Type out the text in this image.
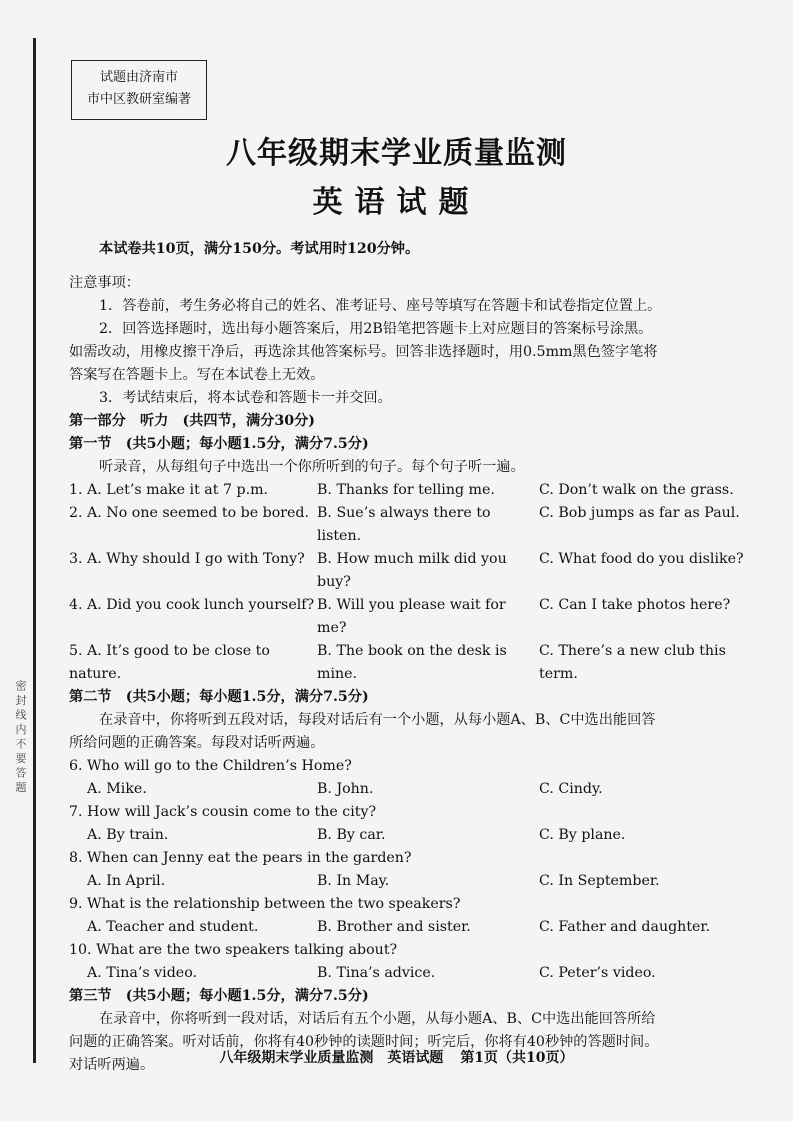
密 封 线 内 不 要 答 题
试题由济南市
市中区教研室编著
八年级期末学业质量监测
英语试题

本试卷共10页，满分150分。考试用时120分钟。

注意事项：

1．答卷前，考生务必将自己的姓名、准考证号、座号等填写在答题卡和试卷指定位置上。

2．回答选择题时，选出每小题答案后，用2B铅笔把答题卡上对应题目的答案标号涂黑。

如需改动，用橡皮擦干净后，再选涂其他答案标号。回答非选择题时，用0.5mm黑色签字笔将

答案写在答题卡上。写在本试卷上无效。

3．考试结束后，将本试卷和答题卡一并交回。

第一部分　听力　(共四节，满分30分)

第一节　(共5小题；每小题1.5分，满分7.5分)

听录音，从每组句子中选出一个你所听到的句子。每个句子听一遍。

1. A. Let’s make it at 7 p.m.	B. Thanks for telling me.	C. Don’t walk on the grass.
2. A. No one seemed to be bored. B. Sue’s always there to listen.
C. Bob jumps as far as Paul.
3. A. Why should I go with Tony? B. How much milk did you buy?
C. What food do you dislike?
4. A. Did you cook lunch yourself? B. Will you please wait for me?
C. Can I take photos here?
5. A. It’s good to be close to nature.
B. The book on the desk is mine.
C. There’s a new club this term.

第二节　(共5小题；每小题1.5分，满分7.5分)

在录音中，你将听到五段对话，每段对话后有一个小题，从每小题A、B、C中选出能回答

所给问题的正确答案。每段对话听两遍。

6. Who will go to the Children’s Home?

A. Mike.	B. John.	C. Cindy.

7. How will Jack’s cousin come to the city?

A. By train.	B. By car.	C. By plane.

8. When can Jenny eat the pears in the garden?

A. In April.	B. In May.	C. In September.

9. What is the relationship between the two speakers?

A. Teacher and student.	B. Brother and sister.	C. Father and daughter.

10. What are the two speakers talking about?

A. Tina’s video.	B. Tina’s advice.	C. Peter’s video.

第三节　(共5小题；每小题1.5分，满分7.5分)

在录音中，你将听到一段对话，对话后有五个小题，从每小题A、B、C中选出能回答所给

问题的正确答案。听对话前，你将有40秒钟的读题时间；听完后，你将有40秒钟的答题时间。

对话听两遍。	八年级期末学业质量监测　英语试题 第1页（共10页）
